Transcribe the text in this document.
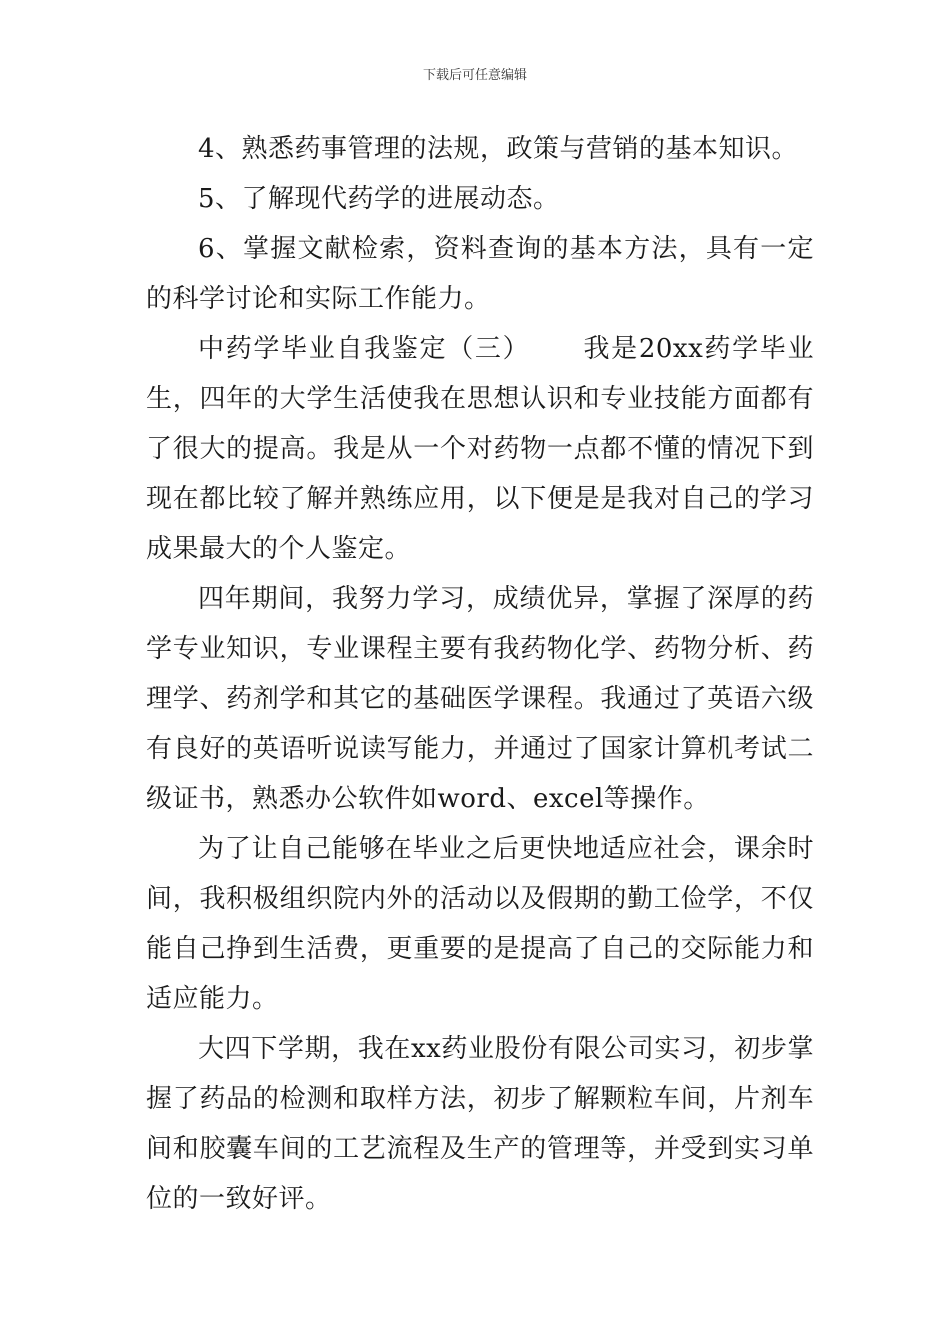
下载后可任意编辑

4、熟悉药事管理的法规，政策与营销的基本知识。

5、了解现代药学的进展动态。

6、掌握文献检索，资料查询的基本方法，具有一定的科学讨论和实际工作能力。

中药学毕业自我鉴定（三） 我是20xx药学毕业生，四年的大学生活使我在思想认识和专业技能方面都有了很大的提高。我是从一个对药物一点都不懂的情况下到现在都比较了解并熟练应用，以下便是是我对自己的学习成果最大的个人鉴定。

四年期间，我努力学习，成绩优异，掌握了深厚的药学专业知识，专业课程主要有我药物化学、药物分析、药理学、药剂学和其它的基础医学课程。我通过了英语六级有良好的英语听说读写能力，并通过了国家计算机考试二级证书，熟悉办公软件如word、excel等操作。

为了让自己能够在毕业之后更快地适应社会，课余时间，我积极组织院内外的活动以及假期的勤工俭学，不仅能自己挣到生活费，更重要的是提高了自己的交际能力和适应能力。

大四下学期，我在xx药业股份有限公司实习，初步掌握了药品的检测和取样方法，初步了解颗粒车间，片剂车间和胶囊车间的工艺流程及生产的管理等，并受到实习单位的一致好评。
